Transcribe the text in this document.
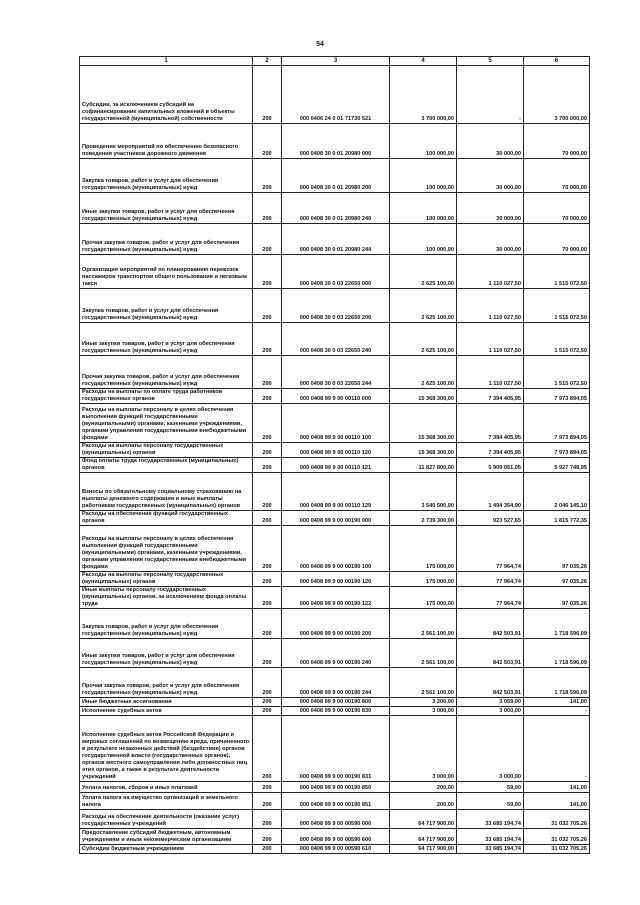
54
1	2	3	4	5	6
Субсидии, за исключением субсидий на софинансирование капитальных вложений в объекты государственной (муниципальной) собственности	200	000 0406 24 0 01 71730 521	3 700 000,00	-	3 700 000,00
Проведение мероприятий по обеспечению безопасного поведения участников дорожного движения	200	000 0408 30 0 01 20980 000	100 000,00	30 000,00	70 000,00
Закупка товаров, работ и услуг для обеспечения государственных (муниципальных) нужд	200	000 0408 30 0 01 20980 200	100 000,00	30 000,00	70 000,00
Иные закупки товаров, работ и услуг для обеспечения государственных (муниципальных) нужд	200	000 0408 30 0 01 20980 240	100 000,00	30 000,00	70 000,00
Прочая закупка товаров, работ и услуг для обеспечения государственных (муниципальных) нужд	200	000 0408 30 0 01 20980 244	100 000,00	30 000,00	70 000,00
Организация мероприятий по планированию перевозок пассажиров транспортом общего пользования и легковым такси	200	000 0408 30 0 03 22650 000	2 625 100,00	1 110 027,50	1 515 072,50
Закупка товаров, работ и услуг для обеспечения государственных (муниципальных) нужд	200	000 0408 30 0 03 22650 200	2 625 100,00	1 110 027,50	1 515 072,50
Иные закупки товаров, работ и услуг для обеспечения государственных (муниципальных) нужд	200	000 0408 30 0 03 22650 240	2 625 100,00	1 110 027,50	1 515 072,50
Прочая закупка товаров, работ и услуг для обеспечения государственных (муниципальных) нужд	200	000 0408 30 0 03 22650 244	2 625 100,00	1 110 027,50	1 515 072,50
Расходы на выплаты по оплате труда работников государственных органов	200	000 0408 99 9 00 00110 000	15 368 300,00	7 394 405,95	7 973 894,05
Расходы на выплаты персоналу в целях обеспечения выполнения функций государственными (муниципальными) органами, казенными учреждениями, органами управления государственными внебюджетными фондами	200	000 0408 99 9 00 00110 100	15 368 300,00	7 394 405,95	7 973 894,05
Расходы на выплаты персоналу государственных (муниципальных) органов	200	000 0408 99 9 00 00110 120	15 368 300,00	7 394 405,95	7 973 894,05
Фонд оплаты труда государственных (муниципальных) органов	200	000 0408 99 9 00 00110 121	11 827 800,00	5 900 051,05	5 927 748,95
Взносы по обязательному социальному страхованию на выплаты денежного содержания и иные выплаты работникам государственных (муниципальных) органов	200	000 0408 99 9 00 00110 129	3 540 500,00	1 494 354,90	2 046 145,10
Расходы на обеспечение функций государственных органов	200	000 0408 99 9 00 00190 000	2 739 300,00	923 527,65	1 815 772,35
Расходы на выплаты персоналу в целях обеспечения выполнения функций государственными (муниципальными) органами, казенными учреждениями, органами управления государственными внебюджетными фондами	200	000 0408 99 9 00 00190 100	175 000,00	77 964,74	97 035,26
Расходы на выплаты персоналу государственных (муниципальных) органов	200	000 0408 99 9 00 00190 120	175 000,00	77 964,74	97 035,26
Иные выплаты персоналу государственных (муниципальных) органов, за исключением фонда оплаты труда	200	000 0408 99 9 00 00190 122	175 000,00	77 964,74	97 035,26
Закупка товаров, работ и услуг для обеспечения государственных (муниципальных) нужд	200	000 0408 99 9 00 00190 200	2 561 100,00	842 503,91	1 718 596,09
Иные закупки товаров, работ и услуг для обеспечения государственных (муниципальных) нужд	200	000 0408 99 9 00 00190 240	2 561 100,00	842 503,91	1 718 596,09
Прочая закупка товаров, работ и услуг для обеспечения государственных (муниципальных) нужд	200	000 0408 99 9 00 00190 244	2 561 100,00	842 503,91	1 718 596,09
Иные бюджетные ассигнования	200	000 0408 99 9 00 00190 800	3 200,00	3 059,00	141,00
Исполнение судебных актов	200	000 0408 99 9 00 00190 830	3 000,00	3 000,00	-
Исполнение судебных актов Российской Федерации и мировых соглашений по возмещению вреда, причиненного в результате незаконных действий (бездействия) органов государственной власти (государственных органов), органов местного самоуправления либо должностных лиц этих органов, а также в результате деятельности учреждений	200	000 0408 99 9 00 00190 831	3 000,00	3 000,00	-
Уплата налогов, сборов и иных платежей	200	000 0408 99 9 00 00190 850	200,00	59,00	141,00
Уплата налога на имущество организаций и земельного налога	200	000 0408 99 9 00 00190 851	200,00	59,00	141,00
Расходы на обеспечение деятельности (оказание услуг) государственных учреждений	200	000 0408 99 9 00 00590 000	64 717 900,00	33 685 194,74	31 032 705,26
Предоставление субсидий бюджетным, автономным учреждениям и иным некоммерческим организациям	200	000 0408 99 9 00 00590 600	64 717 900,00	33 685 194,74	31 032 705,26
Субсидии бюджетным учреждениям	200	000 0408 99 9 00 00590 610	64 717 900,00	33 685 194,74	31 032 705,26
